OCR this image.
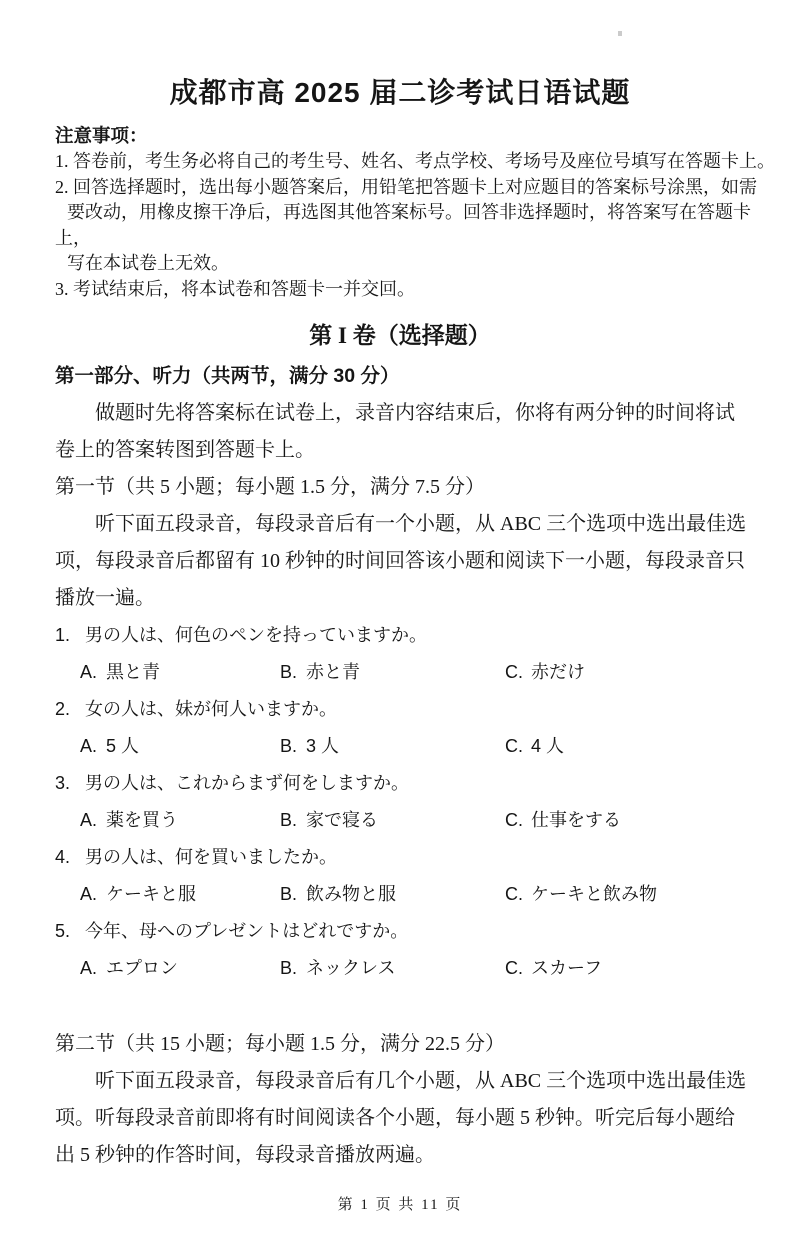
成都市高 2025 届二诊考试日语试题
注意事项：
1. 答卷前，考生务必将自己的考生号、姓名、考点学校、考场号及座位号填写在答题卡上。
2. 回答选择题时，选出每小题答案后，用铅笔把答题卡上对应题目的答案标号涂黑，如需
要改动，用橡皮擦干净后，再选图其他答案标号。回答非选择题时，将答案写在答题卡
上，
写在本试卷上无效。
3. 考试结束后，将本试卷和答题卡一并交回。
第 I 卷（选择题）
第一部分、听力（共两节，满分 30 分）
做题时先将答案标在试卷上，录音内容结束后，你将有两分钟的时间将试
卷上的答案转图到答题卡上。
第一节（共 5 小题；每小题 1.5 分，满分 7.5 分）
听下面五段录音，每段录音后有一个小题，从 ABC 三个选项中选出最佳选
项，每段录音后都留有 10 秒钟的时间回答该小题和阅读下一小题，每段录音只
播放一遍。
1. 男の人は、何色のペンを持っていますか。
A. 黒と青	B. 赤と青	C. 赤だけ
2. 女の人は、妹が何人いますか。
A. 5 人	B. 3 人	C. 4 人
3. 男の人は、これからまず何をしますか。
A. 薬を買う	B. 家で寝る	C. 仕事をする
4. 男の人は、何を買いましたか。
A. ケーキと服	B. 飲み物と服	C. ケーキと飲み物
5. 今年、母へのプレゼントはどれですか。
A. エプロン	B. ネックレス	C. スカーフ
第二节（共 15 小题；每小题 1.5 分，满分 22.5 分）
听下面五段录音，每段录音后有几个小题，从 ABC 三个选项中选出最佳选
项。听每段录音前即将有时间阅读各个小题，每小题 5 秒钟。听完后每小题给
出 5 秒钟的作答时间，每段录音播放两遍。
第 1 页 共 11 页
